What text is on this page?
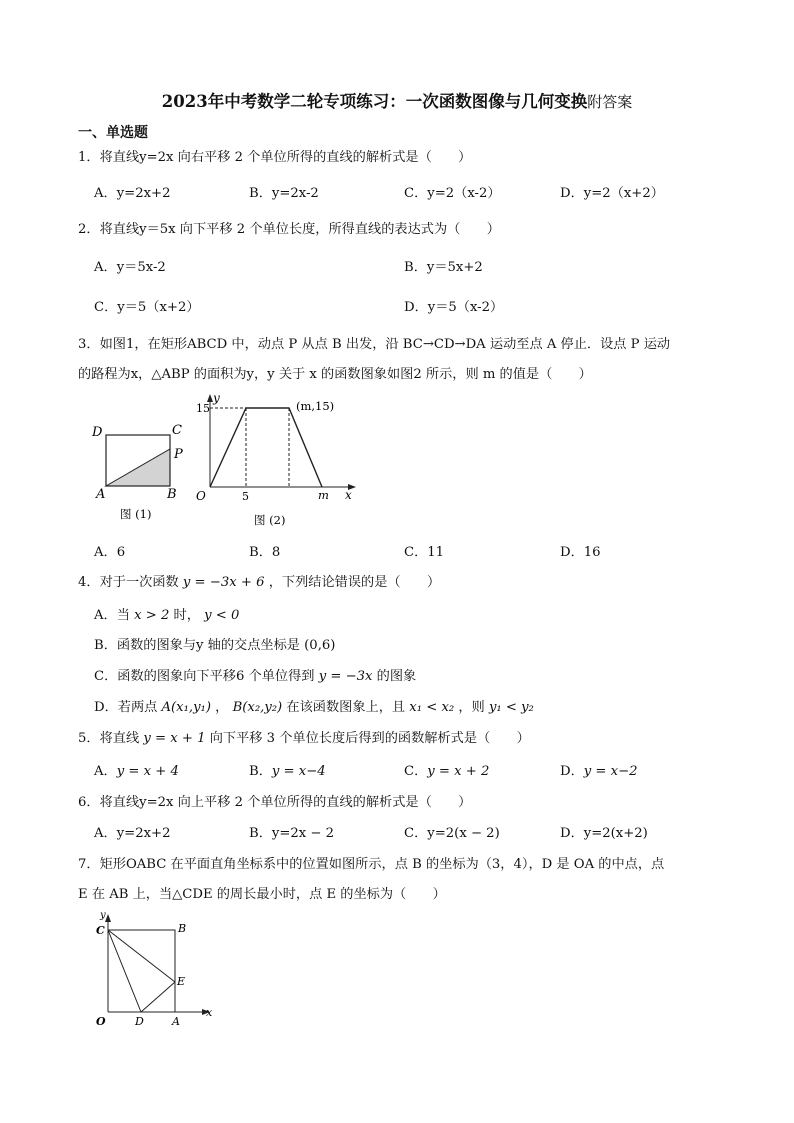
2023年中考数学二轮专项练习：一次函数图像与几何变换附答案
一、单选题
1．将直线y=2x 向右平移 2 个单位所得的直线的解析式是（　　）
A．y=2x+2	B．y=2x-2	C．y=2（x-2）	D．y=2（x+2）
2．将直线y＝5x 向下平移 2 个单位长度，所得直线的表达式为（　　）
A．y＝5x-2	B．y＝5x+2
C．y＝5（x+2）	D．y＝5（x-2）
3．如图1，在矩形ABCD 中，动点 P 从点 B 出发，沿 BC→CD→DA 运动至点 A 停止．设点 P 运动
的路程为x，△ABP 的面积为y，y 关于 x 的函数图象如图2 所示，则 m 的值是（　　）
D	C
P
A	B
图 (1)
y
x
O
15
5	m
(m,15)
图 (2)
y
x
C	B
E
O	D	A
A．6	B．8	C．11	D．16
4．对于一次函数 y = −3x + 6 ，下列结论错误的是（　　）
A．当 x > 2 时， y < 0
B．函数的图象与y 轴的交点坐标是 (0,6)
C．函数的图象向下平移6 个单位得到 y = −3x 的图象
D．若两点 A(x₁,y₁) ， B(x₂,y₂) 在该函数图象上，且 x₁ < x₂ ，则 y₁ < y₂
5．将直线 y = x + 1 向下平移 3 个单位长度后得到的函数解析式是（　　）
A．y = x + 4	B．y = x−4	C．y = x + 2	D．y = x−2
6．将直线y=2x 向上平移 2 个单位所得的直线的解析式是（　　）
A．y=2x+2	B．y=2x − 2	C．y=2(x − 2)	D．y=2(x+2)
7．矩形OABC 在平面直角坐标系中的位置如图所示，点 B 的坐标为（3，4），D 是 OA 的中点，点
E 在 AB 上，当△CDE 的周长最小时，点 E 的坐标为（　　）
